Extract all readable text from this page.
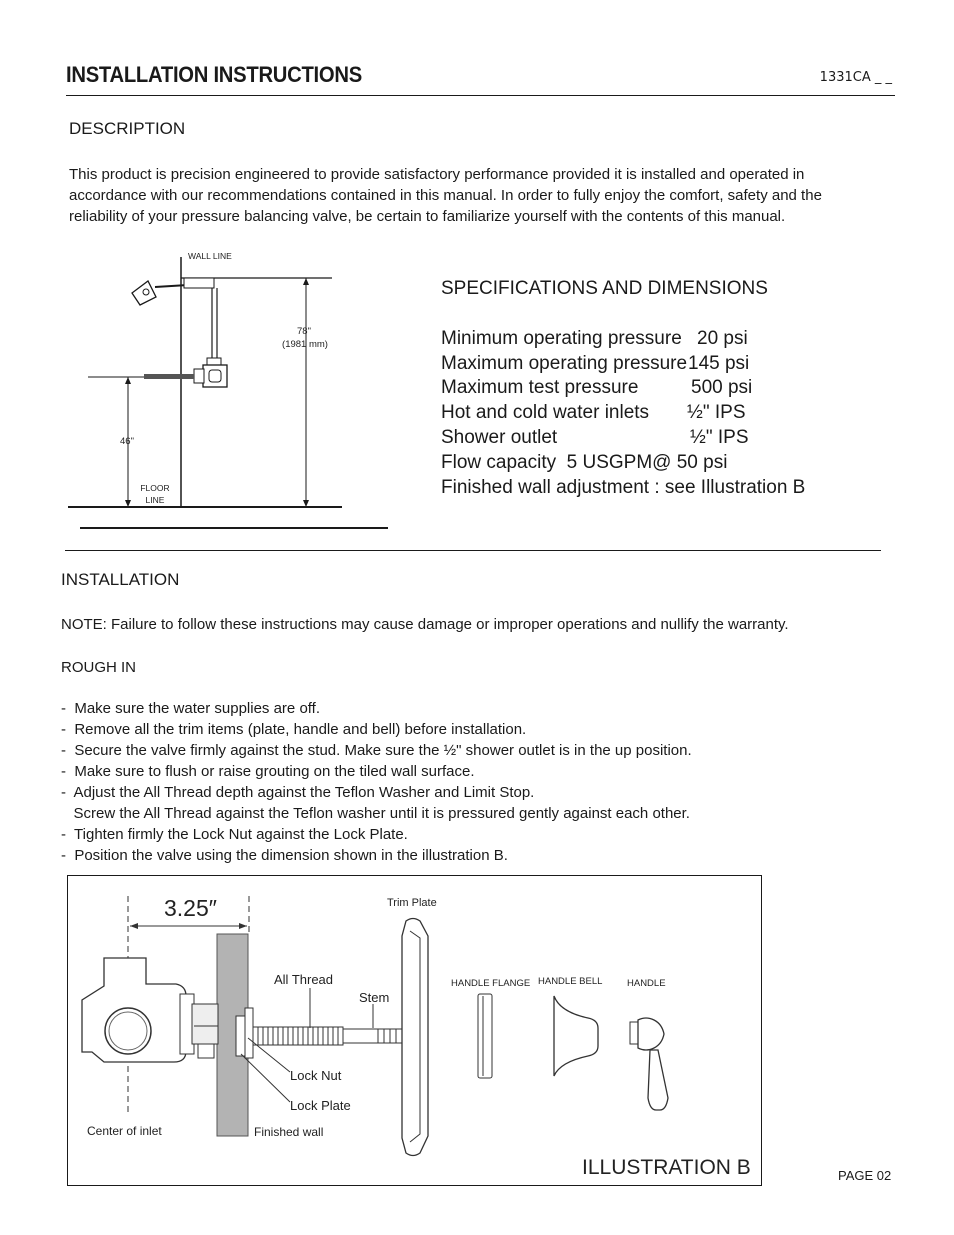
INSTALLATION INSTRUCTIONS	1331CA _ _
DESCRIPTION
This product is precision engineered to provide satisfactory performance provided it is installed and operated in
accordance with our recommendations contained in this manual. In order to fully enjoy the comfort, safety and the
reliability of your pressure balancing valve, be certain to familiarize yourself with the contents of this manual.
WALL LINE
78"
(1981 mm)
46"
FLOOR
LINE
SPECIFICATIONS AND DIMENSIONS
Minimum operating pressure 20 psi
Maximum operating pressure 145 psi
Maximum test pressure	500 psi
Hot and cold water inlets ½" IPS
Shower outlet	½" IPS
Flow capacity  5 USGPM@ 50 psi
Finished wall adjustment : see Illustration B
INSTALLATION
NOTE: Failure to follow these instructions may cause damage or improper operations and nullify the warranty.
ROUGH IN
-  Make sure the water supplies are off.
-  Remove all the trim items (plate, handle and bell) before installation.
-  Secure the valve firmly against the stud. Make sure the ½" shower outlet is in the up position.
-  Make sure to flush or raise grouting on the tiled wall surface.
-  Adjust the All Thread depth against the Teflon Washer and Limit Stop.
Screw the All Thread against the Teflon washer until it is pressured gently against each other.
-  Tighten firmly the Lock Nut against the Lock Plate.
-  Position the valve using the dimension shown in the illustration B.
3.25″	Trim Plate
All Thread
Stem
HANDLE FLANGE HANDLE BELL	HANDLE
Lock Nut
Lock Plate
Center of inlet	Finished wall
ILLUSTRATION B	PAGE 02
